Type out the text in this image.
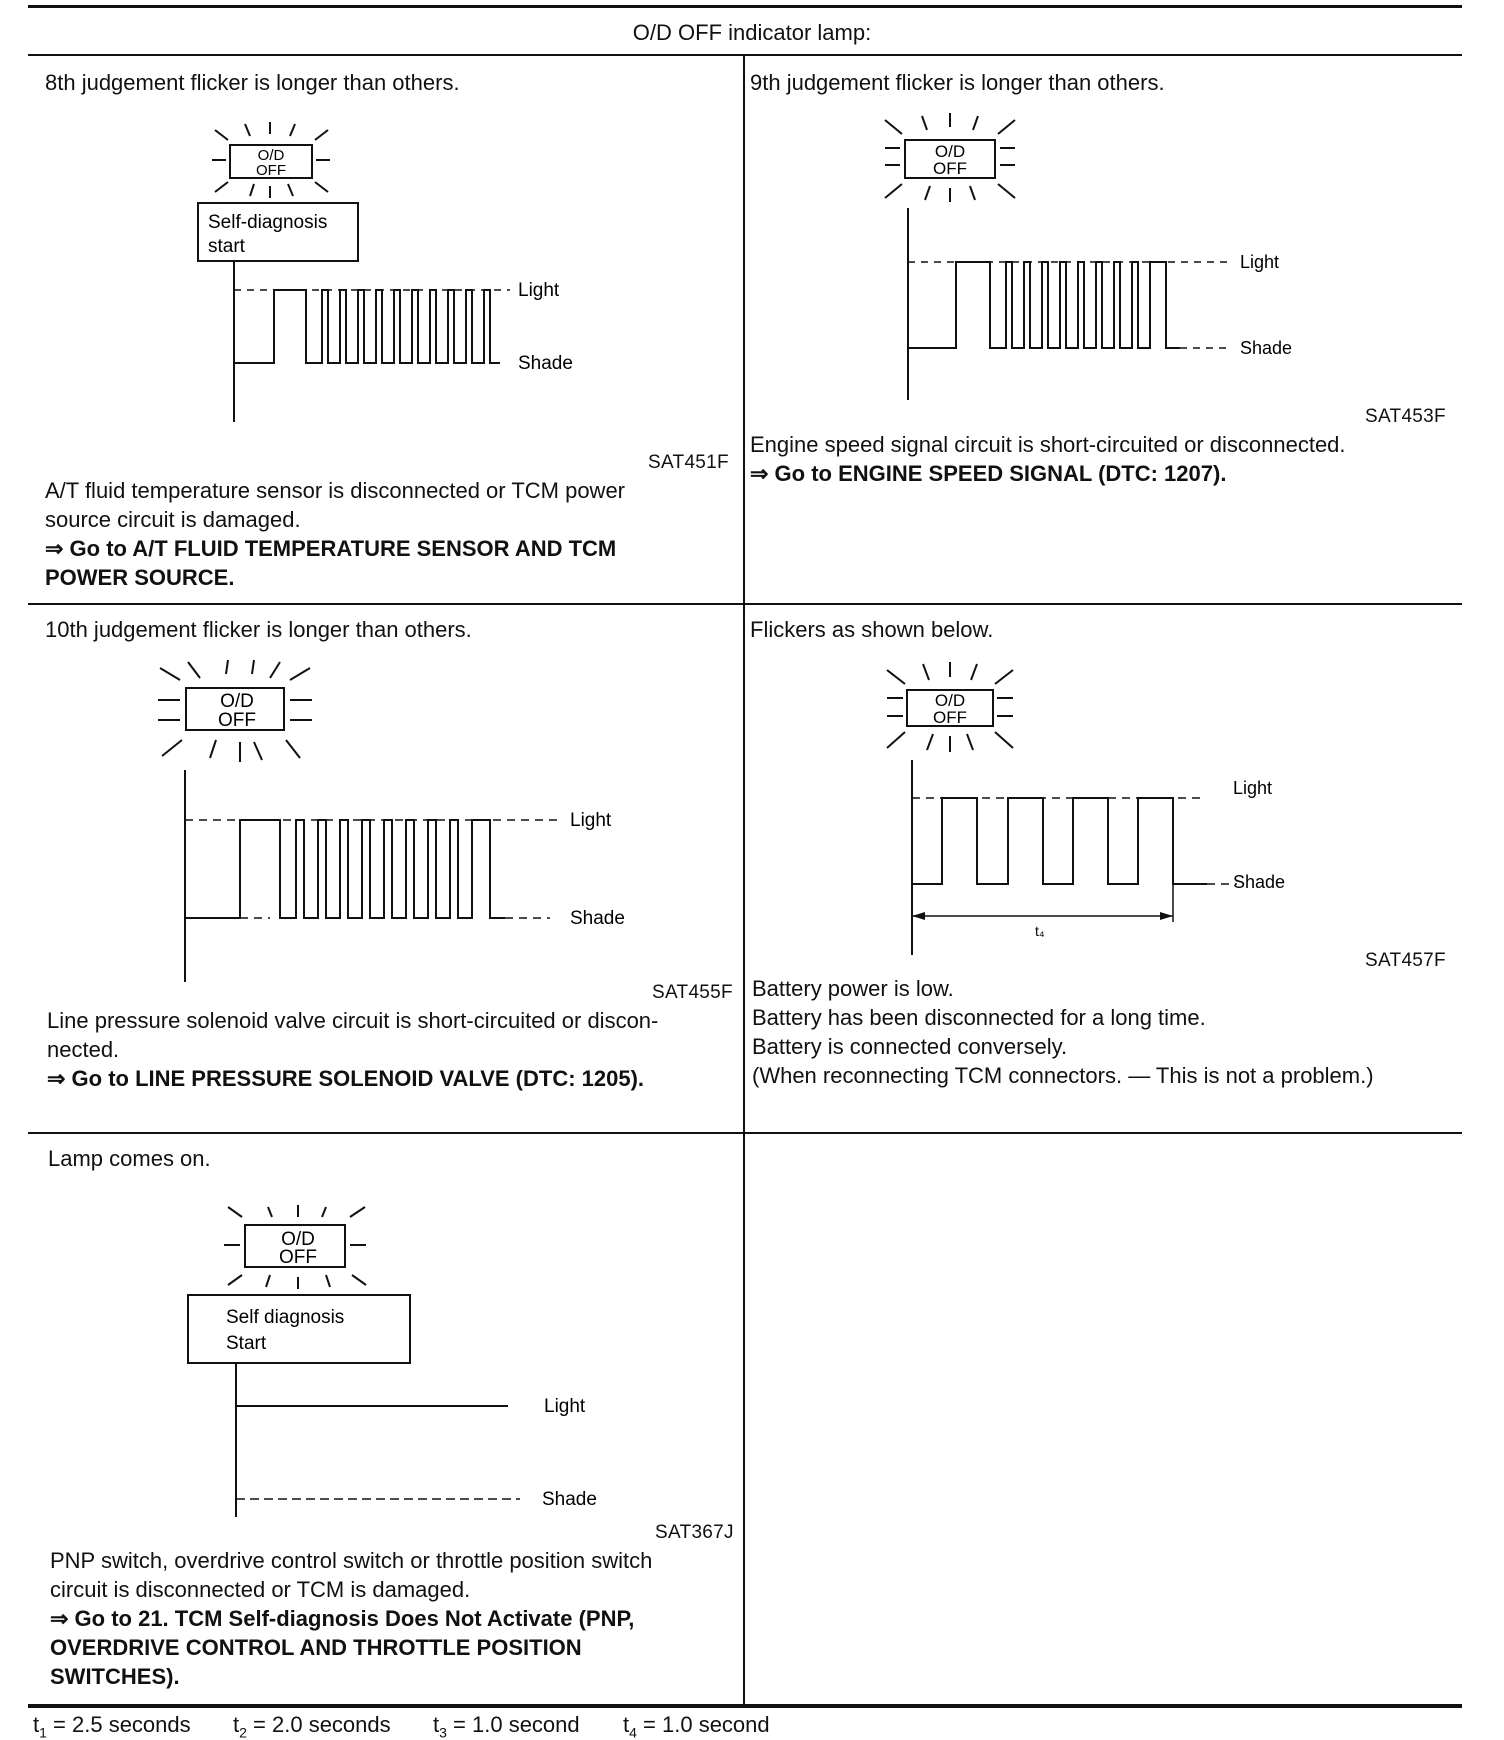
O/D OFF indicator lamp:
8th judgement flicker is longer than others.
O/D
OFF
Self-diagnosis
start
Light
Shade
SAT451F
A/T fluid temperature sensor is disconnected or TCM power
source circuit is damaged.
⇒ Go to A/T FLUID TEMPERATURE SENSOR AND TCM
POWER SOURCE.
9th judgement flicker is longer than others.
O/D
OFF
Light
Shade
SAT453F
Engine speed signal circuit is short-circuited or disconnected.
⇒ Go to ENGINE SPEED SIGNAL (DTC: 1207).
10th judgement flicker is longer than others.
O/D
OFF
Light
Shade
SAT455F
Line pressure solenoid valve circuit is short-circuited or discon-
nected.
⇒ Go to LINE PRESSURE SOLENOID VALVE (DTC: 1205).
Flickers as shown below.
O/D
OFF
t₄
Light
Shade
SAT457F
Battery power is low.
Battery has been disconnected for a long time.
Battery is connected conversely.
(When reconnecting TCM connectors. — This is not a problem.)
Lamp comes on.
O/D
OFF
Self diagnosis
Start
Light
Shade
SAT367J
PNP switch, overdrive control switch or throttle position switch
circuit is disconnected or TCM is damaged.
⇒ Go to 21. TCM Self-diagnosis Does Not Activate (PNP,
OVERDRIVE CONTROL AND THROTTLE POSITION
SWITCHES).
$t_1 = 2.5$ seconds $t_2 = 2.0$ seconds $t_3 = 1.0$ second $t_4 = 1.0$ second
